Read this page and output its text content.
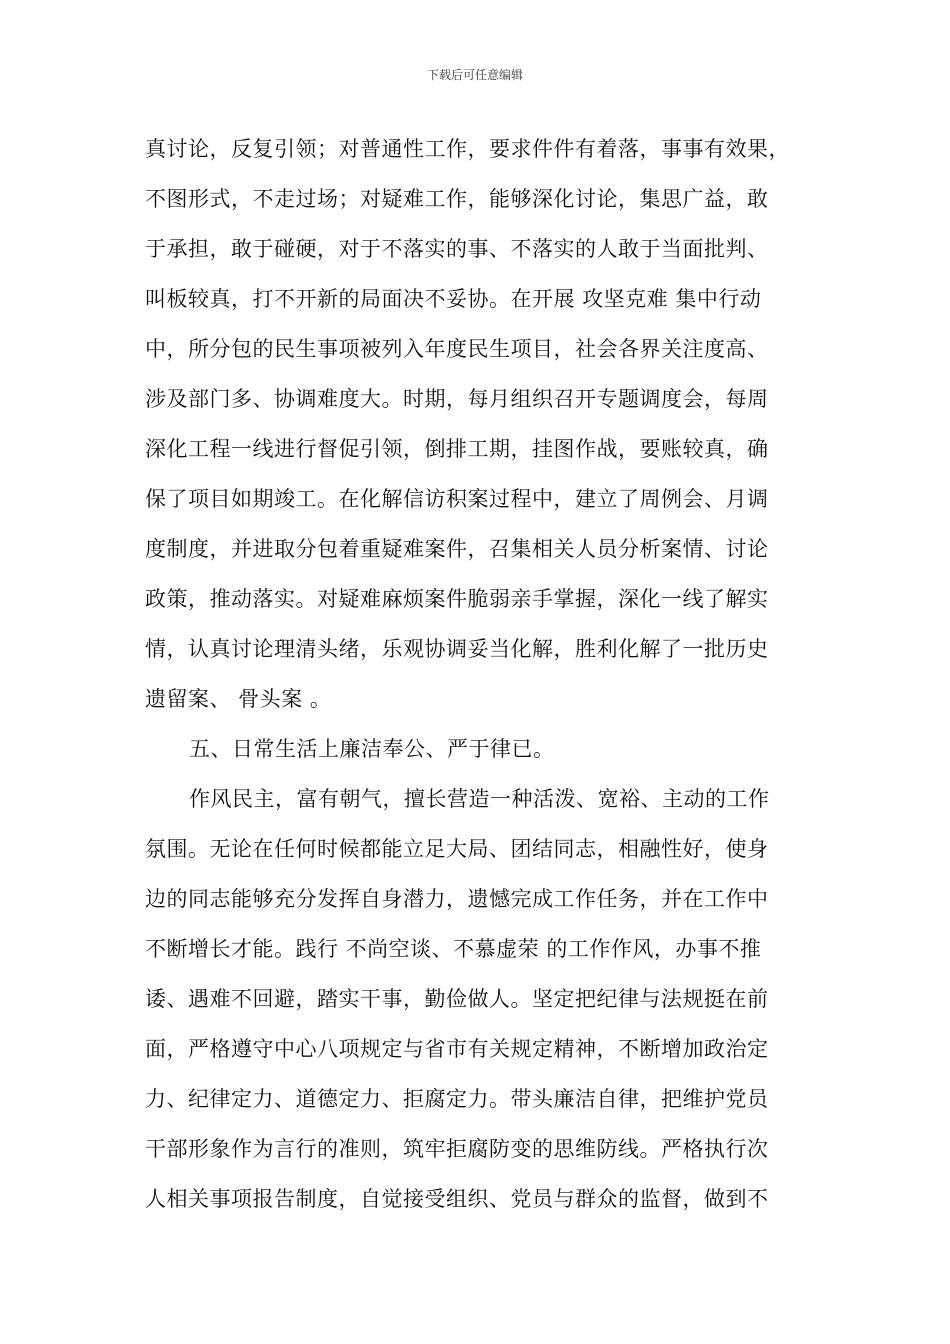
下载后可任意编辑
真讨论，反复引领；对普通性工作，要求件件有着落，事事有效果，
不图形式，不走过场；对疑难工作，能够深化讨论，集思广益，敢
于承担，敢于碰硬，对于不落实的事、不落实的人敢于当面批判、
叫板较真，打不开新的局面决不妥协。在开展 攻坚克难 集中行动
中，所分包的民生事项被列入年度民生项目，社会各界关注度高、
涉及部门多、协调难度大。时期，每月组织召开专题调度会，每周
深化工程一线进行督促引领，倒排工期，挂图作战，要账较真，确
保了项目如期竣工。在化解信访积案过程中，建立了周例会、月调
度制度，并进取分包着重疑难案件，召集相关人员分析案情、讨论
政策，推动落实。对疑难麻烦案件脆弱亲手掌握，深化一线了解实
情，认真讨论理清头绪，乐观协调妥当化解，胜利化解了一批历史
遗留案、 骨头案 。
五、日常生活上廉洁奉公、严于律已。
作风民主，富有朝气，擅长营造一种活泼、宽裕、主动的工作
氛围。无论在任何时候都能立足大局、团结同志，相融性好，使身
边的同志能够充分发挥自身潜力，遗憾完成工作任务，并在工作中
不断增长才能。践行 不尚空谈、不慕虚荣 的工作作风，办事不推
诿、遇难不回避，踏实干事，勤俭做人。坚定把纪律与法规挺在前
面，严格遵守中心八项规定与省市有关规定精神，不断增加政治定
力、纪律定力、道德定力、拒腐定力。带头廉洁自律，把维护党员
干部形象作为言行的准则，筑牢拒腐防变的思维防线。严格执行次
人相关事项报告制度，自觉接受组织、党员与群众的监督，做到不
